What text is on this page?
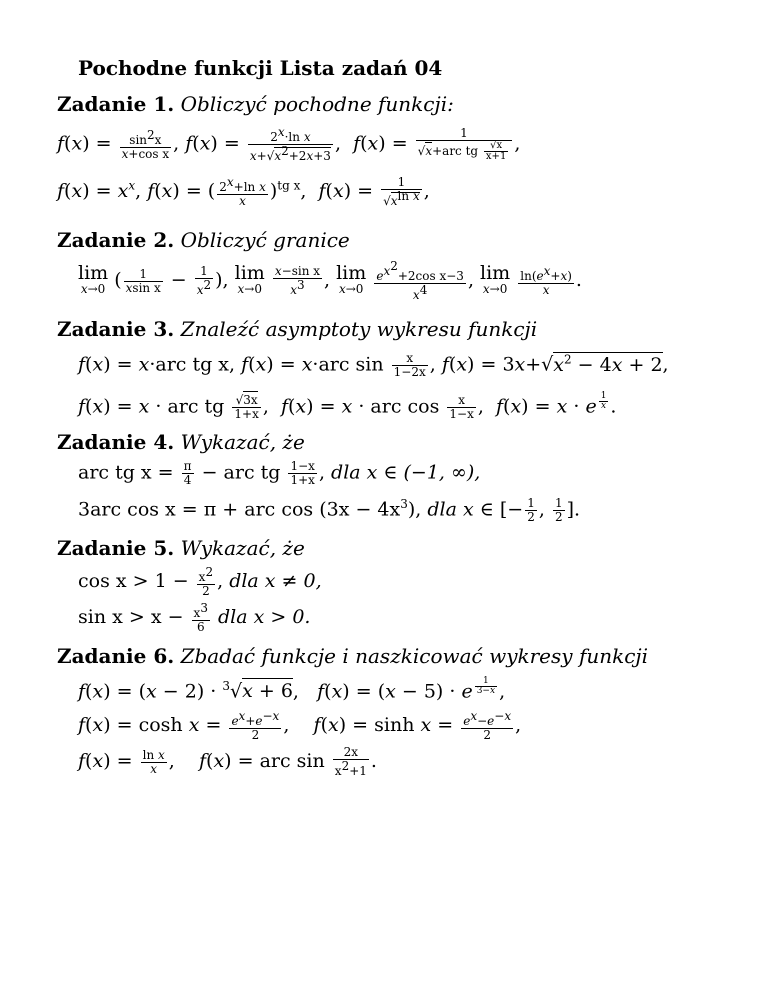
Pochodne funkcji Lista zadań 04
Zadanie 1. Obliczyć pochodne funkcji:
$f(x) = \frac{\sin 2x}{\text{x+cos x}}$ , $f(x) = \frac{\text{2x·ln x}}{x+√x2+2x+3}$ ,  $f(x) = \frac{1}{√x+arc tg \frac{√x}{x+1}}$ ,
$f(x) = x^x$, f(x) = ( $\frac{\text{2x+ln x}}{x} )^{tg x}$,  $f(x) = \frac{1}{\text{√xln x}}$ ,
Zadanie 2. Obliczyć granice
lim
x→0 ( $\frac{1}{\text{xsin x}} - \frac{1}{x2}$ ), lim
x→0
$\frac{\text{x−sin x}}{x3}$ , lim
x→0
$\frac{\text{ex2+2cos x−3}}{x4}$ , lim
x→0
$\frac{\ln(ex+x)}{x}$ .
Zadanie 3. Znaleźć asymptoty wykresu funkcji
f(x) = x·arc tg x, f(x) = x·arc $\sin \frac{x}{1-2x}$ , $f(x) = 3x+√x^2 - 4x + 2$,
f(x) = x · arc tg $\frac{√3x}{1+x}$ ,  f(x) = x · arc $\cos \frac{x}{1-x}$ ,  f(x) = x · e $^{\frac{1}{x}}$ .
Zadanie 4. Wykazać, że
arc tg $x = \frac{\pi}{4}$ − arc tg $\frac{1-x}{1+x}$ , dla x ∈ (−1, ∞),
3arc cos x = π + arc $\cos (3x - 4x^3)$, dla x ∈ [− $\frac{1}{2}$ , $\frac{1}{2}$ ].
Zadanie 5. Wykazać, że
$\cos x > 1 - \frac{x2}{2}$ , dla x ≠ 0,
$\sin x > x - \frac{x3}{6}$ dla x > 0.
Zadanie 6. Zbadać funkcje i naszkicować wykresy funkcji
f(x) = (x − 2) · $^3$√x + 6,   f(x) = (x − 5) · e $^{\frac{1}{3-x}}$ ,
$f(x) = \cosh x = \frac{ex+e-x}{2}$ ,    $f(x) = \sinh x = \frac{ex-e-x}{2}$ ,
$f(x) = \frac{\text{ln x}}{x}$ ,    f(x) = arc $\sin \frac{2x}{x2+1}$ .
